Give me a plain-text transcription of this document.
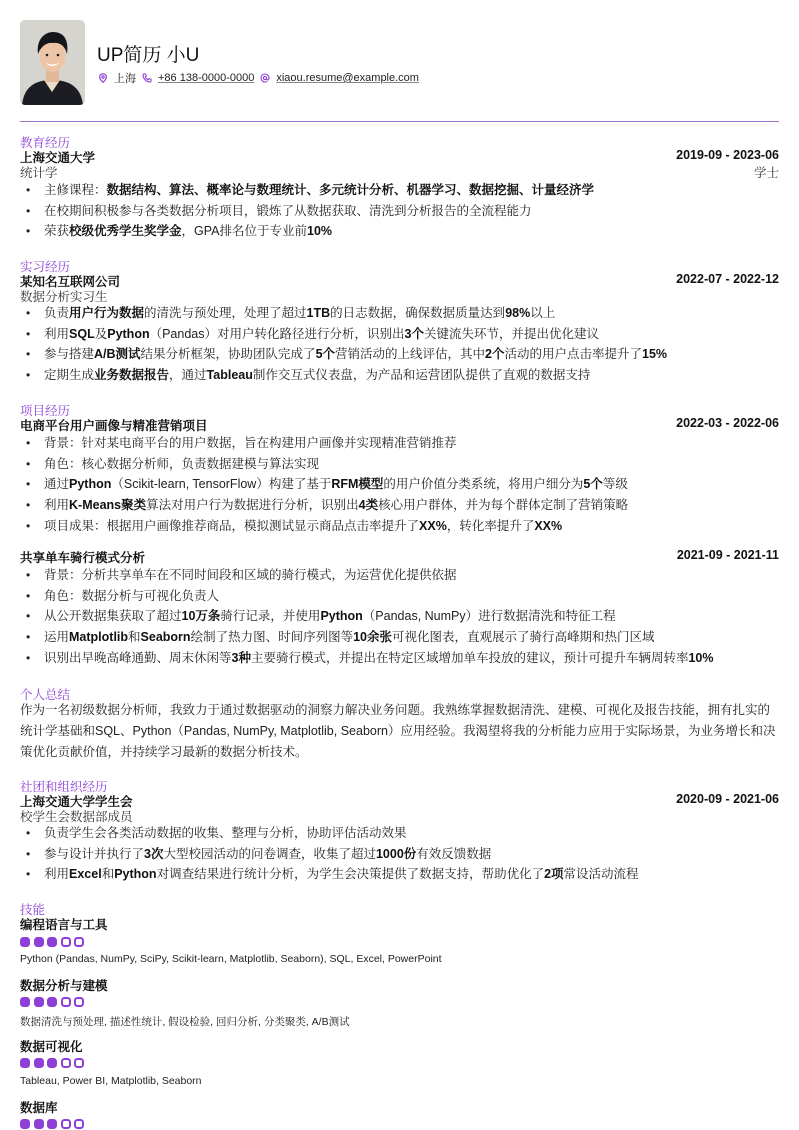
UP简历 小U
上海 +86 138-0000-0000 xiaou.resume@example.com
教育经历
上海交通大学	2019-09 - 2023-06
统计学	学士
• 主修课程：数据结构、算法、概率论与数理统计、多元统计分析、机器学习、数据挖掘、计量经济学
• 在校期间积极参与各类数据分析项目，锻炼了从数据获取、清洗到分析报告的全流程能力
• 荣获校级优秀学生奖学金，GPA排名位于专业前10%
实习经历
某知名互联网公司	2022-07 - 2022-12
数据分析实习生
• 负责用户行为数据的清洗与预处理，处理了超过1TB的日志数据，确保数据质量达到98%以上
• 利用SQL及Python（Pandas）对用户转化路径进行分析，识别出3个关键流失环节，并提出优化建议
• 参与搭建A/B测试结果分析框架，协助团队完成了5个营销活动的上线评估，其中2个活动的用户点击率提升了15%
• 定期生成业务数据报告，通过Tableau制作交互式仪表盘，为产品和运营团队提供了直观的数据支持
项目经历
电商平台用户画像与精准营销项目	2022-03 - 2022-06
• 背景：针对某电商平台的用户数据，旨在构建用户画像并实现精准营销推荐
• 角色：核心数据分析师，负责数据建模与算法实现
• 通过Python（Scikit-learn, TensorFlow）构建了基于RFM模型的用户价值分类系统，将用户细分为5个等级
• 利用K-Means聚类算法对用户行为数据进行分析，识别出4类核心用户群体，并为每个群体定制了营销策略
• 项目成果：根据用户画像推荐商品，模拟测试显示商品点击率提升了XX%，转化率提升了XX%
共享单车骑行模式分析	2021-09 - 2021-11
• 背景：分析共享单车在不同时间段和区域的骑行模式，为运营优化提供依据
• 角色：数据分析与可视化负责人
• 从公开数据集获取了超过10万条骑行记录，并使用Python（Pandas, NumPy）进行数据清洗和特征工程
• 运用Matplotlib和Seaborn绘制了热力图、时间序列图等10余张可视化图表，直观展示了骑行高峰期和热门区域
• 识别出早晚高峰通勤、周末休闲等3种主要骑行模式，并提出在特定区域增加单车投放的建议，预计可提升车辆周转率10%
个人总结
作为一名初级数据分析师，我致力于通过数据驱动的洞察力解决业务问题。我熟练掌握数据清洗、建模、可视化及报告技能，拥有扎实的统计学基础和SQL、Python（Pandas, NumPy, Matplotlib, Seaborn）应用经验。我渴望将我的分析能力应用于实际场景，为业务增长和决策优化贡献价值，并持续学习最新的数据分析技术。
社团和组织经历
上海交通大学学生会	2020-09 - 2021-06
校学生会数据部成员
• 负责学生会各类活动数据的收集、整理与分析，协助评估活动效果
• 参与设计并执行了3次大型校园活动的问卷调查，收集了超过1000份有效反馈数据
• 利用Excel和Python对调查结果进行统计分析，为学生会决策提供了数据支持，帮助优化了2项常设活动流程
技能
编程语言与工具
Python (Pandas, NumPy, SciPy, Scikit-learn, Matplotlib, Seaborn), SQL, Excel, PowerPoint
数据分析与建模
数据清洗与预处理, 描述性统计, 假设检验, 回归分析, 分类聚类, A/B测试
数据可视化
Tableau, Power BI, Matplotlib, Seaborn
数据库
